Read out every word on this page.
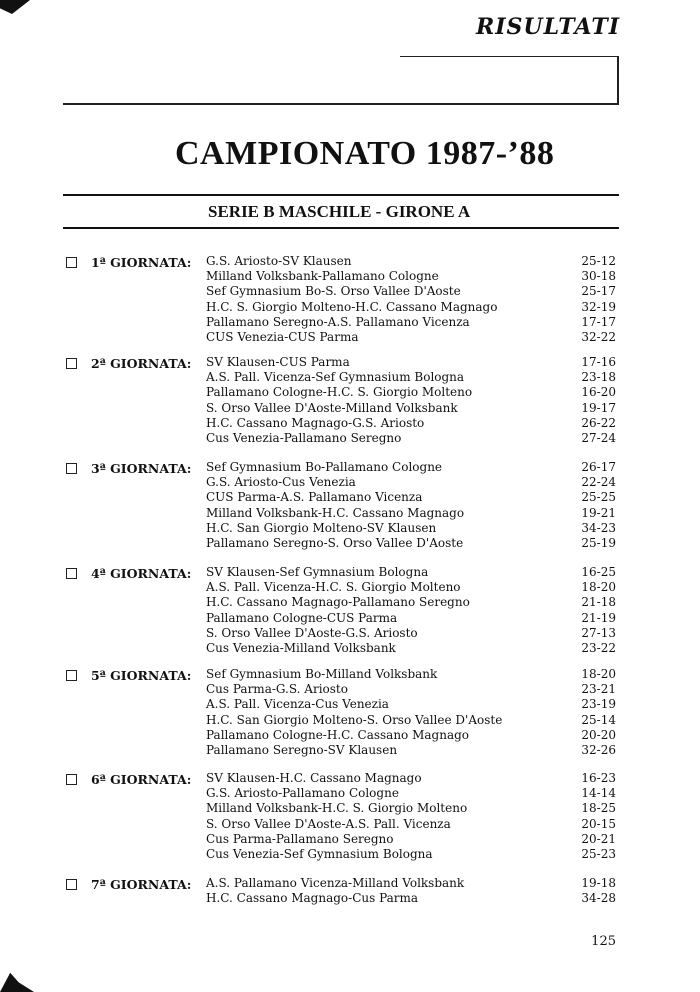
RISULTATI
CAMPIONATO 1987-’88
SERIE B MASCHILE - GIRONE A
1ª GIORNATA: G.S. Ariosto-SV Klausen	25-12
Milland Volksbank-Pallamano Cologne	30-18
Sef Gymnasium Bo-S. Orso Vallee D'Aoste	25-17
H.C. S. Giorgio Molteno-H.C. Cassano Magnago	32-19
Pallamano Seregno-A.S. Pallamano Vicenza	17-17
CUS Venezia-CUS Parma	32-22
2ª GIORNATA: SV Klausen-CUS Parma	17-16
A.S. Pall. Vicenza-Sef Gymnasium Bologna	23-18
Pallamano Cologne-H.C. S. Giorgio Molteno	16-20
S. Orso Vallee D'Aoste-Milland Volksbank	19-17
H.C. Cassano Magnago-G.S. Ariosto	26-22
Cus Venezia-Pallamano Seregno	27-24
3ª GIORNATA: Sef Gymnasium Bo-Pallamano Cologne	26-17
G.S. Ariosto-Cus Venezia	22-24
CUS Parma-A.S. Pallamano Vicenza	25-25
Milland Volksbank-H.C. Cassano Magnago	19-21
H.C. San Giorgio Molteno-SV Klausen	34-23
Pallamano Seregno-S. Orso Vallee D'Aoste	25-19
4ª GIORNATA: SV Klausen-Sef Gymnasium Bologna	16-25
A.S. Pall. Vicenza-H.C. S. Giorgio Molteno	18-20
H.C. Cassano Magnago-Pallamano Seregno	21-18
Pallamano Cologne-CUS Parma	21-19
S. Orso Vallee D'Aoste-G.S. Ariosto	27-13
Cus Venezia-Milland Volksbank	23-22
5ª GIORNATA: Sef Gymnasium Bo-Milland Volksbank	18-20
Cus Parma-G.S. Ariosto	23-21
A.S. Pall. Vicenza-Cus Venezia	23-19
H.C. San Giorgio Molteno-S. Orso Vallee D'Aoste	25-14
Pallamano Cologne-H.C. Cassano Magnago	20-20
Pallamano Seregno-SV Klausen	32-26
6ª GIORNATA: SV Klausen-H.C. Cassano Magnago	16-23
G.S. Ariosto-Pallamano Cologne	14-14
Milland Volksbank-H.C. S. Giorgio Molteno	18-25
S. Orso Vallee D'Aoste-A.S. Pall. Vicenza	20-15
Cus Parma-Pallamano Seregno	20-21
Cus Venezia-Sef Gymnasium Bologna	25-23
7ª GIORNATA: A.S. Pallamano Vicenza-Milland Volksbank	19-18
H.C. Cassano Magnago-Cus Parma	34-28
125
